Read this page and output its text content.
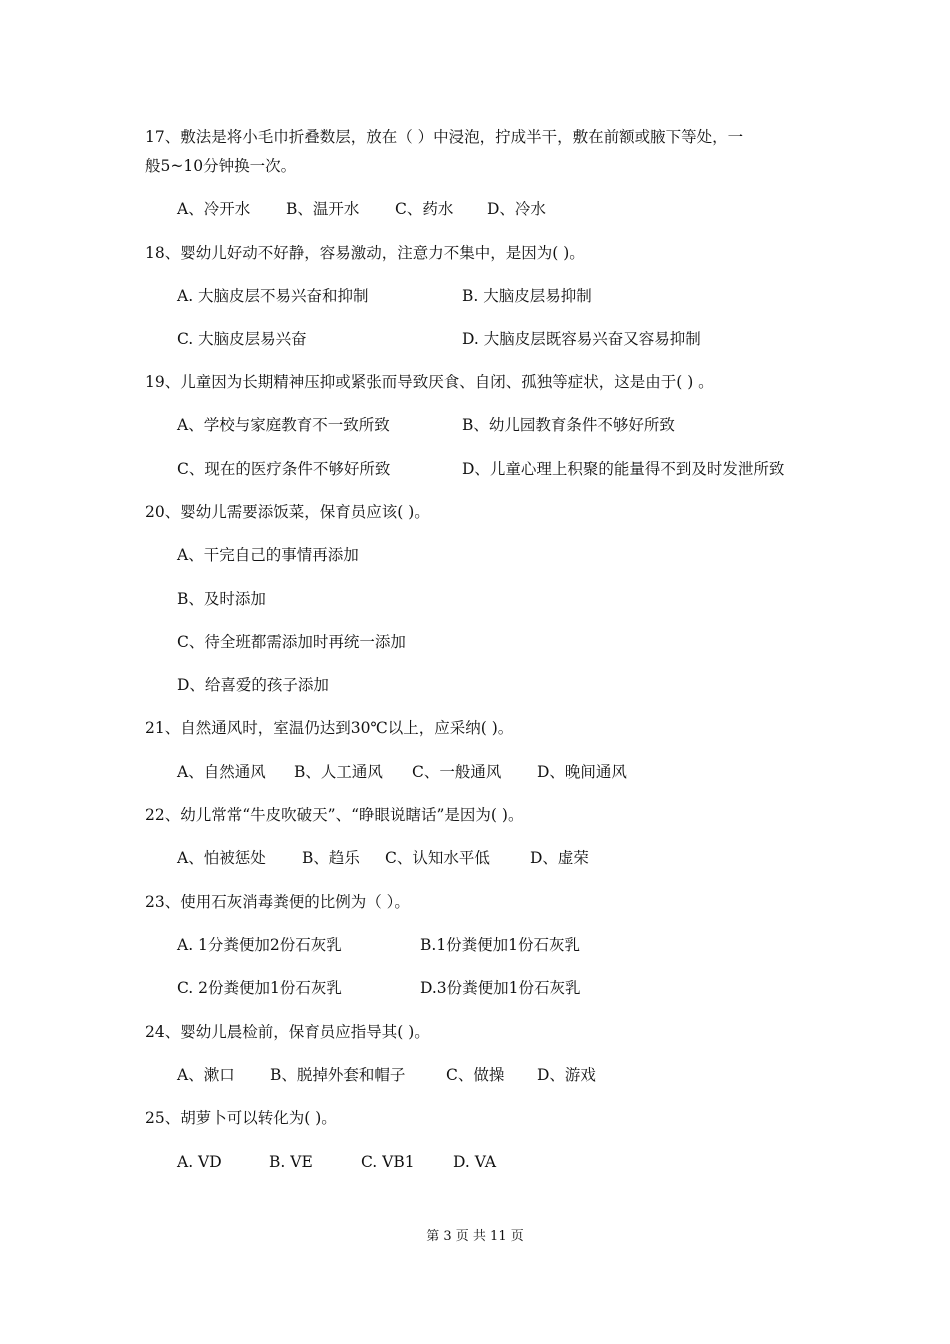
17、敷法是将小毛巾折叠数层，放在（ ）中浸泡，拧成半干，敷在前额或腋下等处，一
般5~10分钟换一次。
A、冷开水 B、温开水 C、药水 D、冷水
18、婴幼儿好动不好静，容易激动，注意力不集中，是因为( )。
A. 大脑皮层不易兴奋和抑制	B. 大脑皮层易抑制
C. 大脑皮层易兴奋	D. 大脑皮层既容易兴奋又容易抑制
19、儿童因为长期精神压抑或紧张而导致厌食、自闭、孤独等症状，这是由于( ) 。
A、学校与家庭教育不一致所致	B、幼儿园教育条件不够好所致
C、现在的医疗条件不够好所致	D、儿童心理上积聚的能量得不到及时发泄所致
20、婴幼儿需要添饭菜，保育员应该( )。
A、干完自己的事情再添加
B、及时添加
C、待全班都需添加时再统一添加
D、给喜爱的孩子添加
21、自然通风时，室温仍达到30℃以上，应采纳( )。
A、自然通风 B、人工通风 C、一般通风 D、晚间通风
22、幼儿常常“牛皮吹破天”、“睁眼说瞎话”是因为( )。
A、怕被惩处 B、趋乐 C、认知水平低	D、虚荣
23、使用石灰消毒粪便的比例为（ ）。
A. 1分粪便加2份石灰乳	B.1份粪便加1份石灰乳
C. 2份粪便加1份石灰乳	D.3份粪便加1份石灰乳
24、婴幼儿晨检前，保育员应指导其( )。
A、漱口 B、脱掉外套和帽子	C、做操 D、游戏
25、胡萝卜可以转化为( )。
A. VD	B. VE	C. VB1 D. VA
第 3 页 共 11 页
